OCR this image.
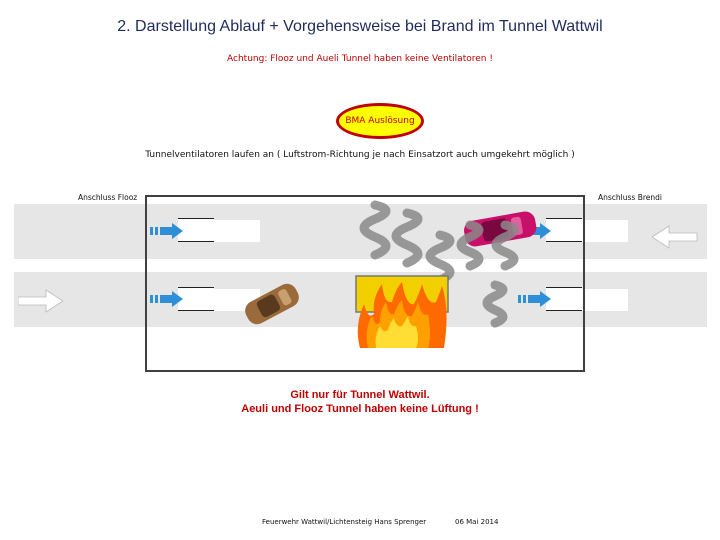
2. Darstellung Ablauf + Vorgehensweise bei Brand im Tunnel Wattwil
Achtung: Flooz und Aueli Tunnel haben keine Ventilatoren !
BMA Auslösung
Tunnelventilatoren laufen an ( Luftstrom-Richtung je nach Einsatzort auch umgekehrt möglich )
Anschluss Flooz	Anschluss Brendi
Gilt nur für Tunnel Wattwil.
Aeuli und Flooz Tunnel haben keine Lüftung !
Feuerwehr Wattwil/Lichtensteig Hans Sprenger	06 Mai 2014
